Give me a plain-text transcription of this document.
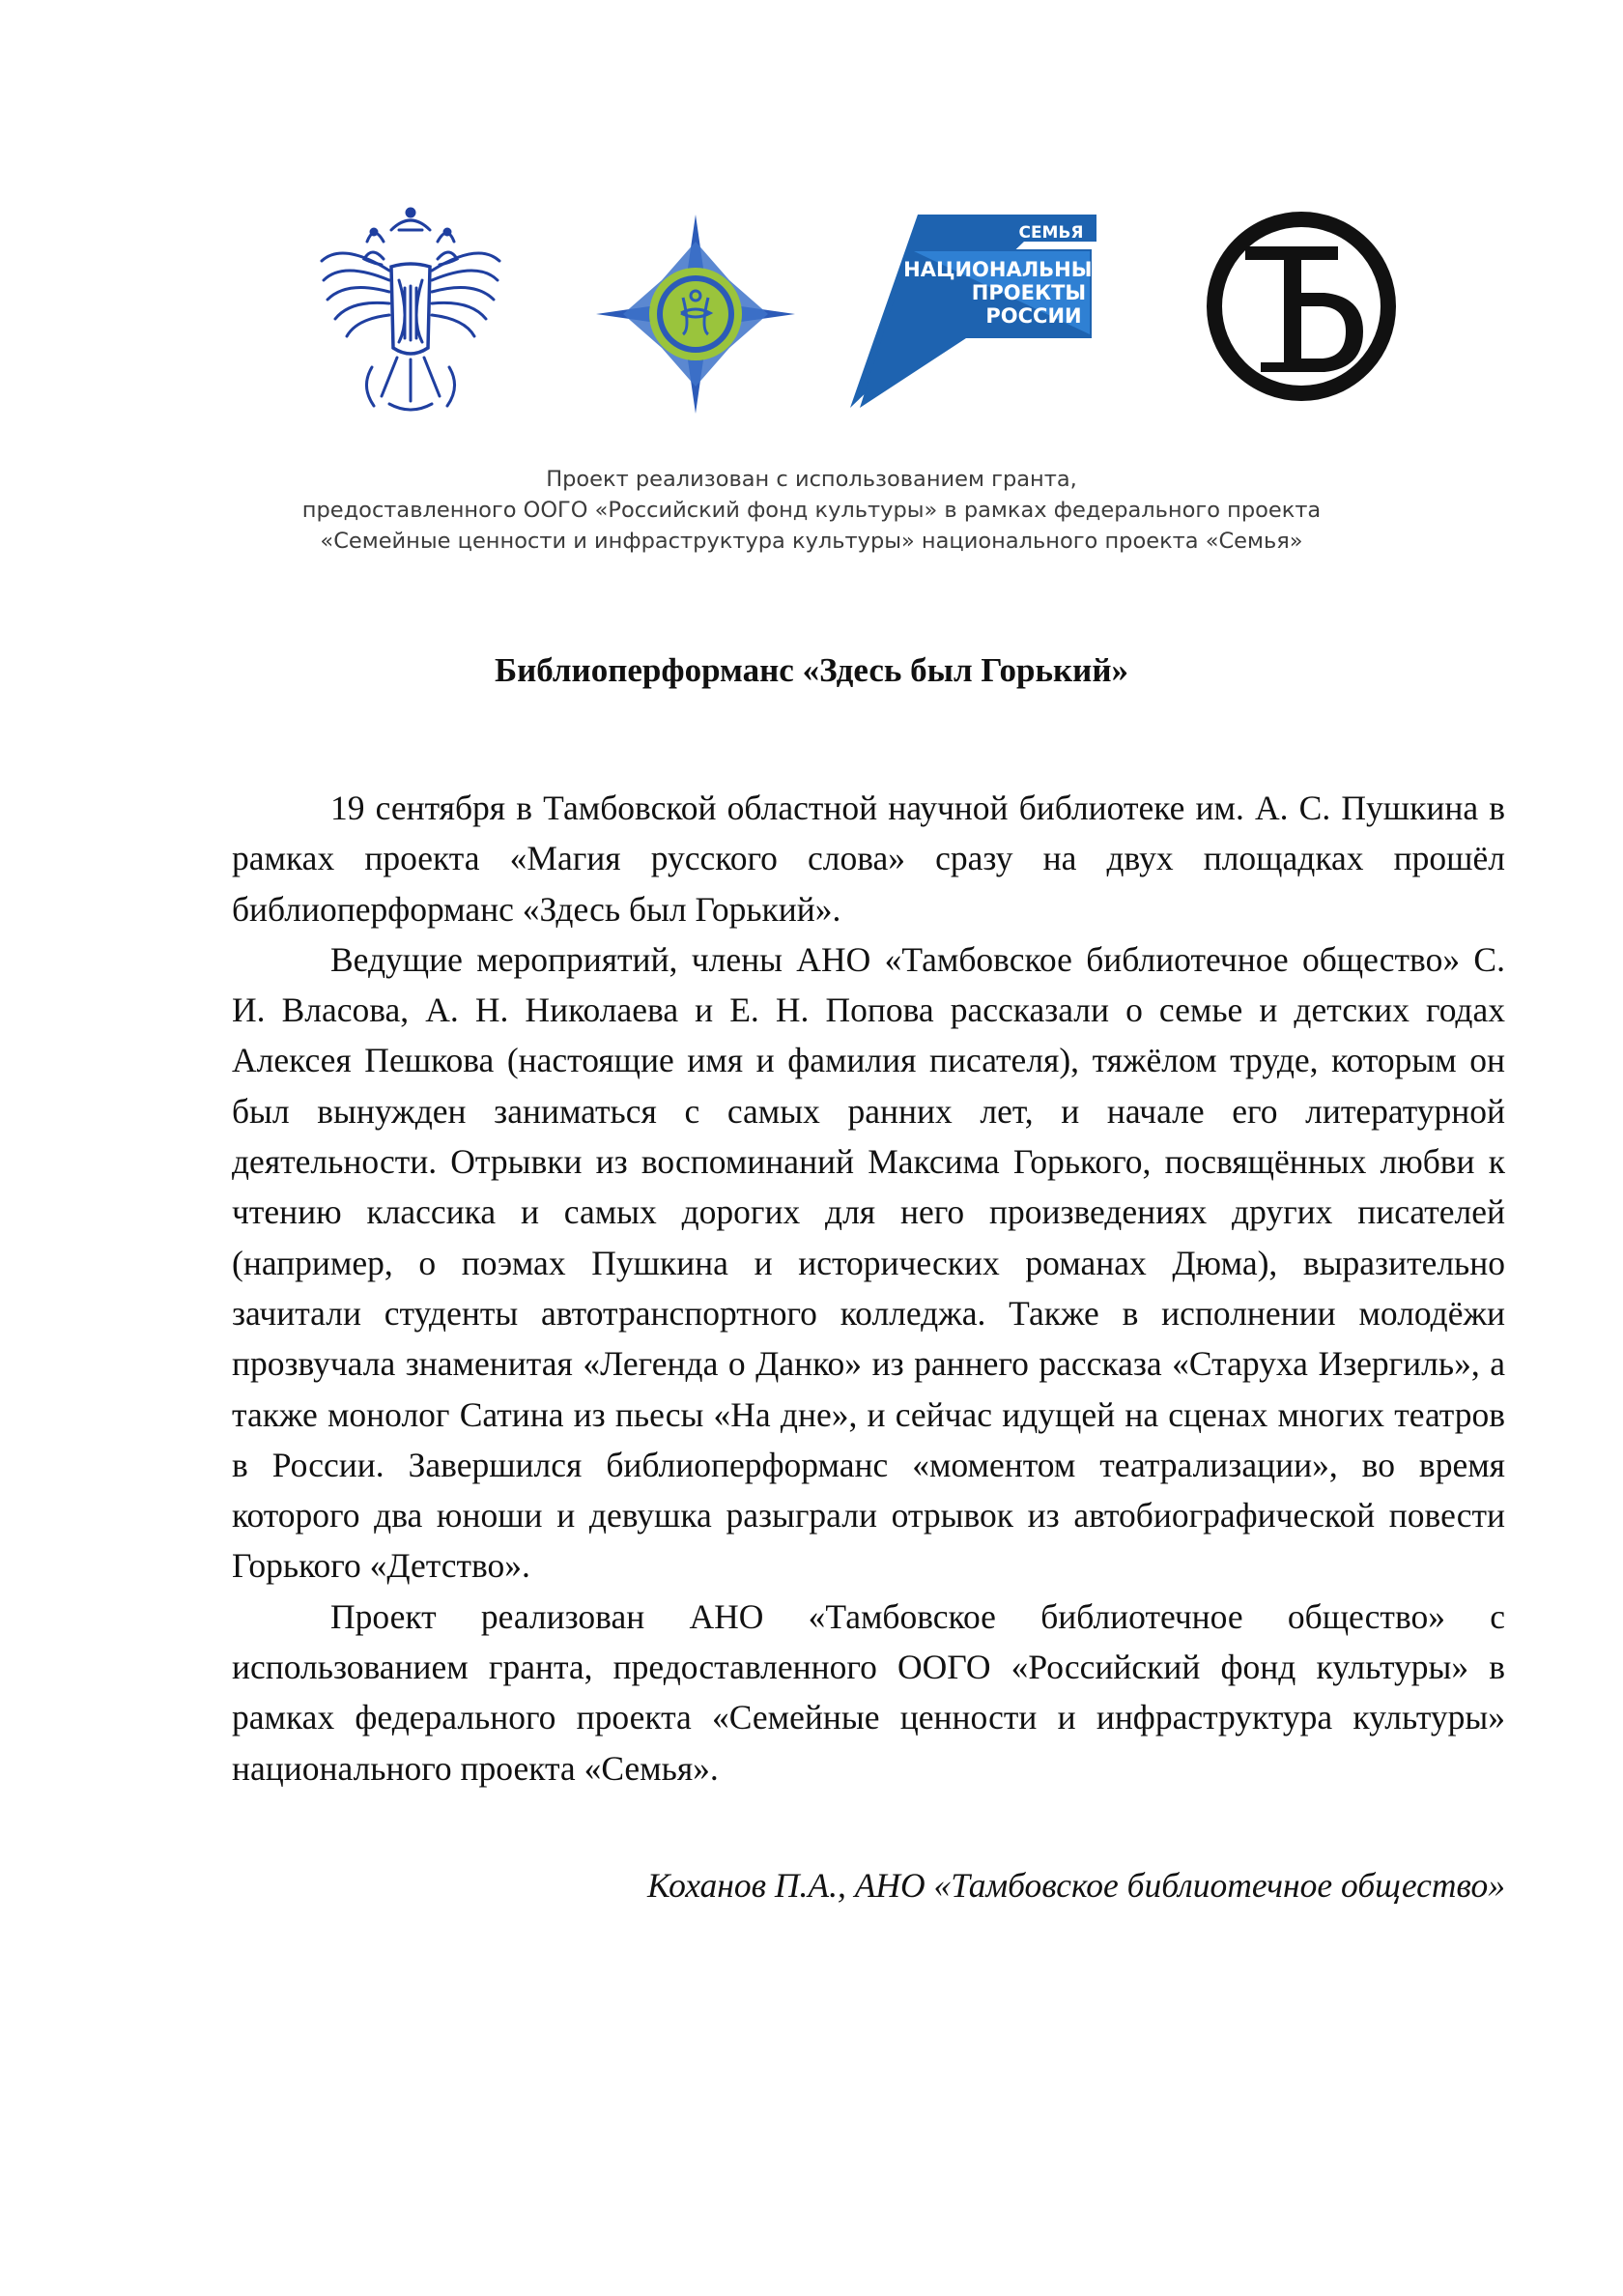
СЕМЬЯ
НАЦИОНАЛЬНЫЕ
ПРОЕКТЫ
РОССИИ
Проект реализован с использованием гранта,
предоставленного ООГО «Российский фонд культуры» в рамках федерального проекта
«Семейные ценности и инфраструктура культуры» национального проекта «Семья»
Библиоперформанс «Здесь был Горький»

19 сентября в Тамбовской областной научной библиотеке им. А. С. Пушкина в рамках проекта «Магия русского слова» сразу на двух площадках прошёл библиоперформанс «Здесь был Горький».

Ведущие мероприятий, члены АНО «Тамбовское библиотечное общество» С. И. Власова, А. Н. Николаева и Е. Н. Попова рассказали о семье и детских годах Алексея Пешкова (настоящие имя и фамилия писателя), тяжёлом труде, которым он был вынужден заниматься с самых ранних лет, и начале его литературной деятельности. Отрывки из воспоминаний Максима Горького, посвящённых любви к чтению классика и самых дорогих для него произведениях других писателей (например, о поэмах Пушкина и исторических романах Дюма), выразительно зачитали студенты автотранспортного колледжа. Также в исполнении молодёжи прозвучала знаменитая «Легенда о Данко» из раннего рассказа «Старуха Изергиль», а также монолог Сатина из пьесы «На дне», и сейчас идущей на сценах многих театров в России. Завершился библиоперформанс «моментом театрализации», во время которого два юноши и девушка разыграли отрывок из автобиографической повести Горького «Детство».

Проект реализован АНО «Тамбовское библиотечное общество» с использованием гранта, предоставленного ООГО «Российский фонд культуры» в рамках федерального проекта «Семейные ценности и инфраструктура культуры» национального проекта «Семья».

Коханов П.А., АНО «Тамбовское библиотечное общество»
